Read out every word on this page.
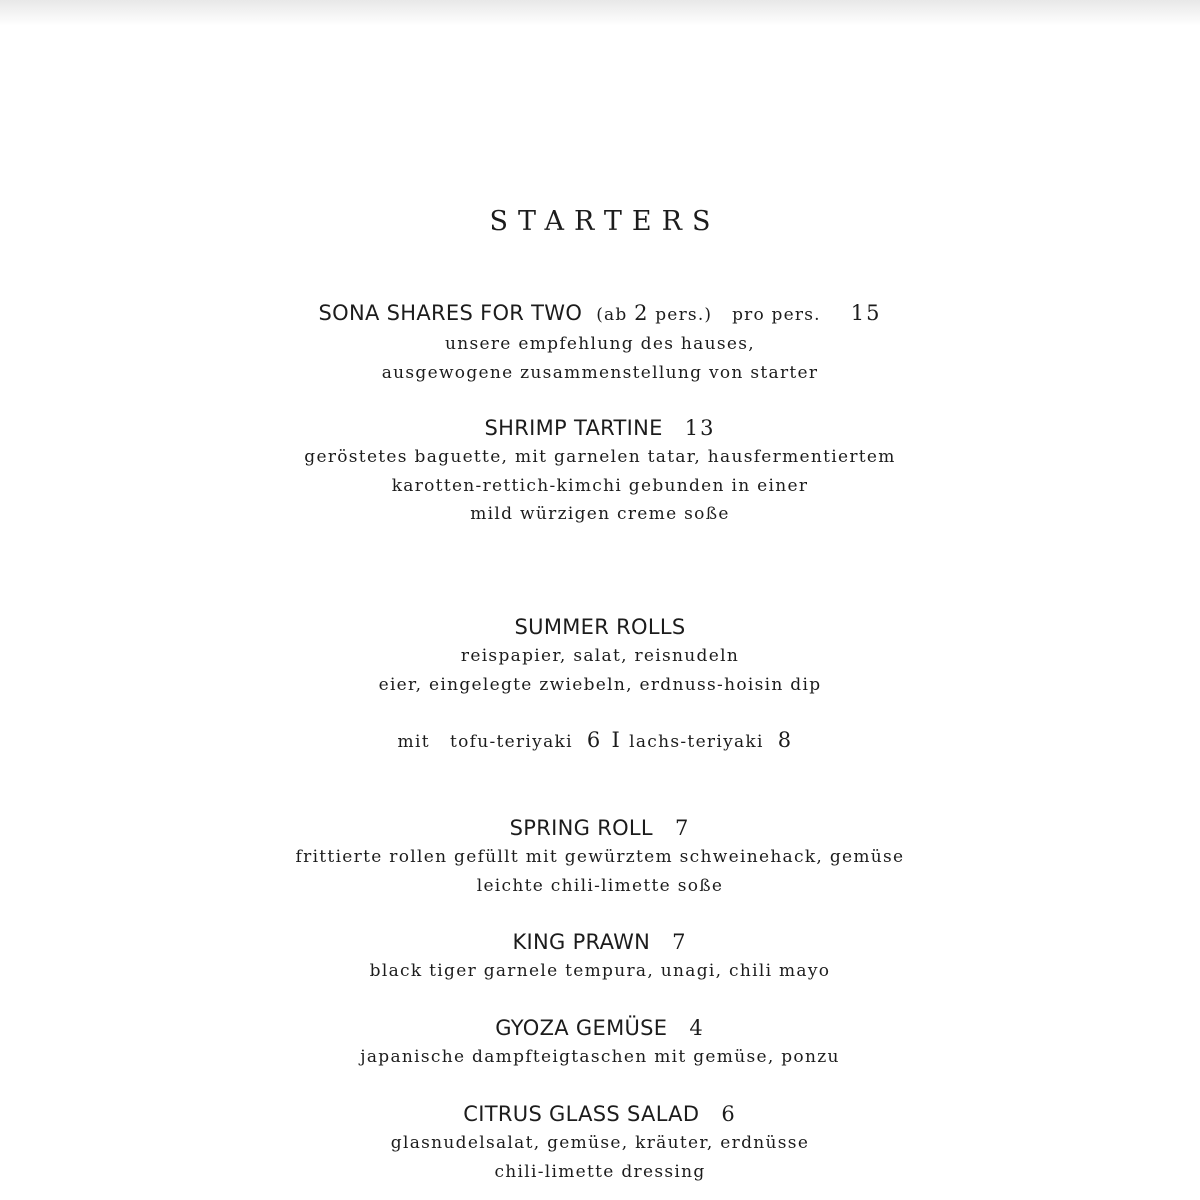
STARTERS
SONA SHARES FOR TWO (ab 2 pers.) pro pers. 15
unsere empfehlung des hauses,
ausgewogene zusammenstellung von starter
SHRIMP TARTINE 13
geröstetes baguette, mit garnelen tatar, hausfermentiertem
karotten-rettich-kimchi gebunden in einer
mild würzigen creme soße
SUMMER ROLLS
reispapier, salat, reisnudeln
eier, eingelegte zwiebeln, erdnuss-hoisin dip
mit tofu-teriyaki 6 I lachs-teriyaki 8
SPRING ROLL 7
frittierte rollen gefüllt mit gewürztem schweinehack, gemüse
leichte chili-limette soße
KING PRAWN 7
black tiger garnele tempura, unagi, chili mayo
GYOZA GEMÜSE 4
japanische dampfteigtaschen mit gemüse, ponzu
CITRUS GLASS SALAD 6
glasnudelsalat, gemüse, kräuter, erdnüsse
chili-limette dressing
